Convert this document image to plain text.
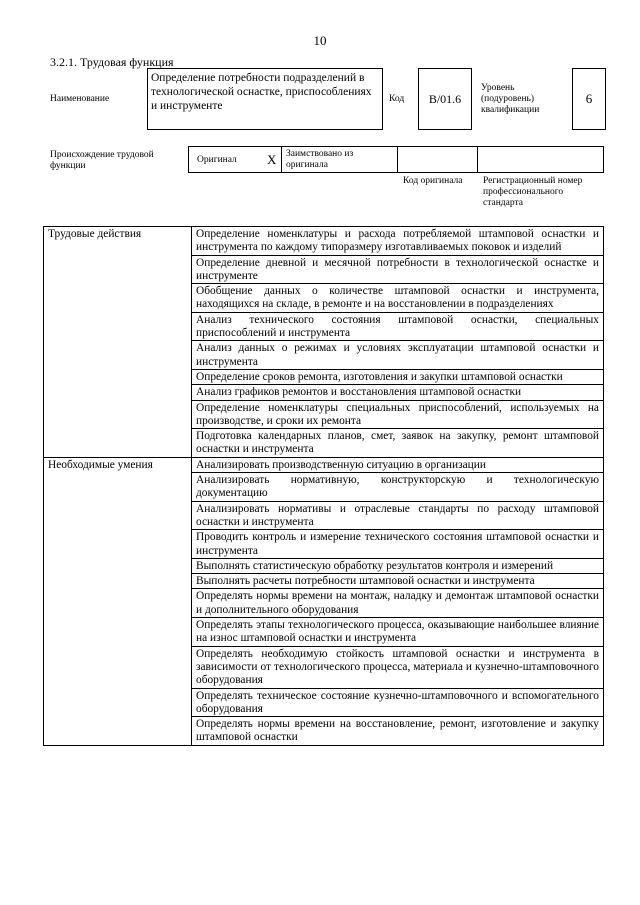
10
3.2.1. Трудовая функция
Наименование
Определение потребности подразделений в технологической оснастке, приспособлениях и инструменте
Код	B/01.6
Уровень (подуровень) квалификации
6
Происхождение трудовой функции
Оригинал X Заимствовано из оригинала
Код оригинала Регистрационный номер профессионального стандарта
Трудовые действия	Определение номенклатуры и расхода потребляемой штамповой оснастки и инструмента по каждому типоразмеру изготавливаемых поковок и изделий
	Определение дневной и месячной потребности в технологической оснастке и инструменте
	Обобщение данных о количестве штамповой оснастки и инструмента, находящихся на складе, в ремонте и на восстановлении в подразделениях
	Анализ технического состояния штамповой оснастки, специальных приспособлений и инструмента
	Анализ данных о режимах и условиях эксплуатации штамповой оснастки и инструмента
	Определение сроков ремонта, изготовления и закупки штамповой оснастки
	Анализ графиков ремонтов и восстановления штамповой оснастки
	Определение номенклатуры специальных приспособлений, используемых на производстве, и сроки их ремонта
	Подготовка календарных планов, смет, заявок на закупку, ремонт штамповой оснастки и инструмента
Необходимые умения	Анализировать производственную ситуацию в организации
	Анализировать нормативную, конструкторскую и технологическую документацию
	Анализировать нормативы и отраслевые стандарты по расходу штамповой оснастки и инструмента
	Проводить контроль и измерение технического состояния штамповой оснастки и инструмента
	Выполнять статистическую обработку результатов контроля и измерений
	Выполнять расчеты потребности штамповой оснастки и инструмента
	Определять нормы времени на монтаж, наладку и демонтаж штамповой оснастки и дополнительного оборудования
	Определять этапы технологического процесса, оказывающие наибольшее влияние на износ штамповой оснастки и инструмента
	Определять необходимую стойкость штамповой оснастки и инструмента в зависимости от технологического процесса, материала и кузнечно-штамповочного оборудования
	Определять техническое состояние кузнечно-штамповочного и вспомогательного оборудования
	Определять нормы времени на восстановление, ремонт, изготовление и закупку штамповой оснастки
